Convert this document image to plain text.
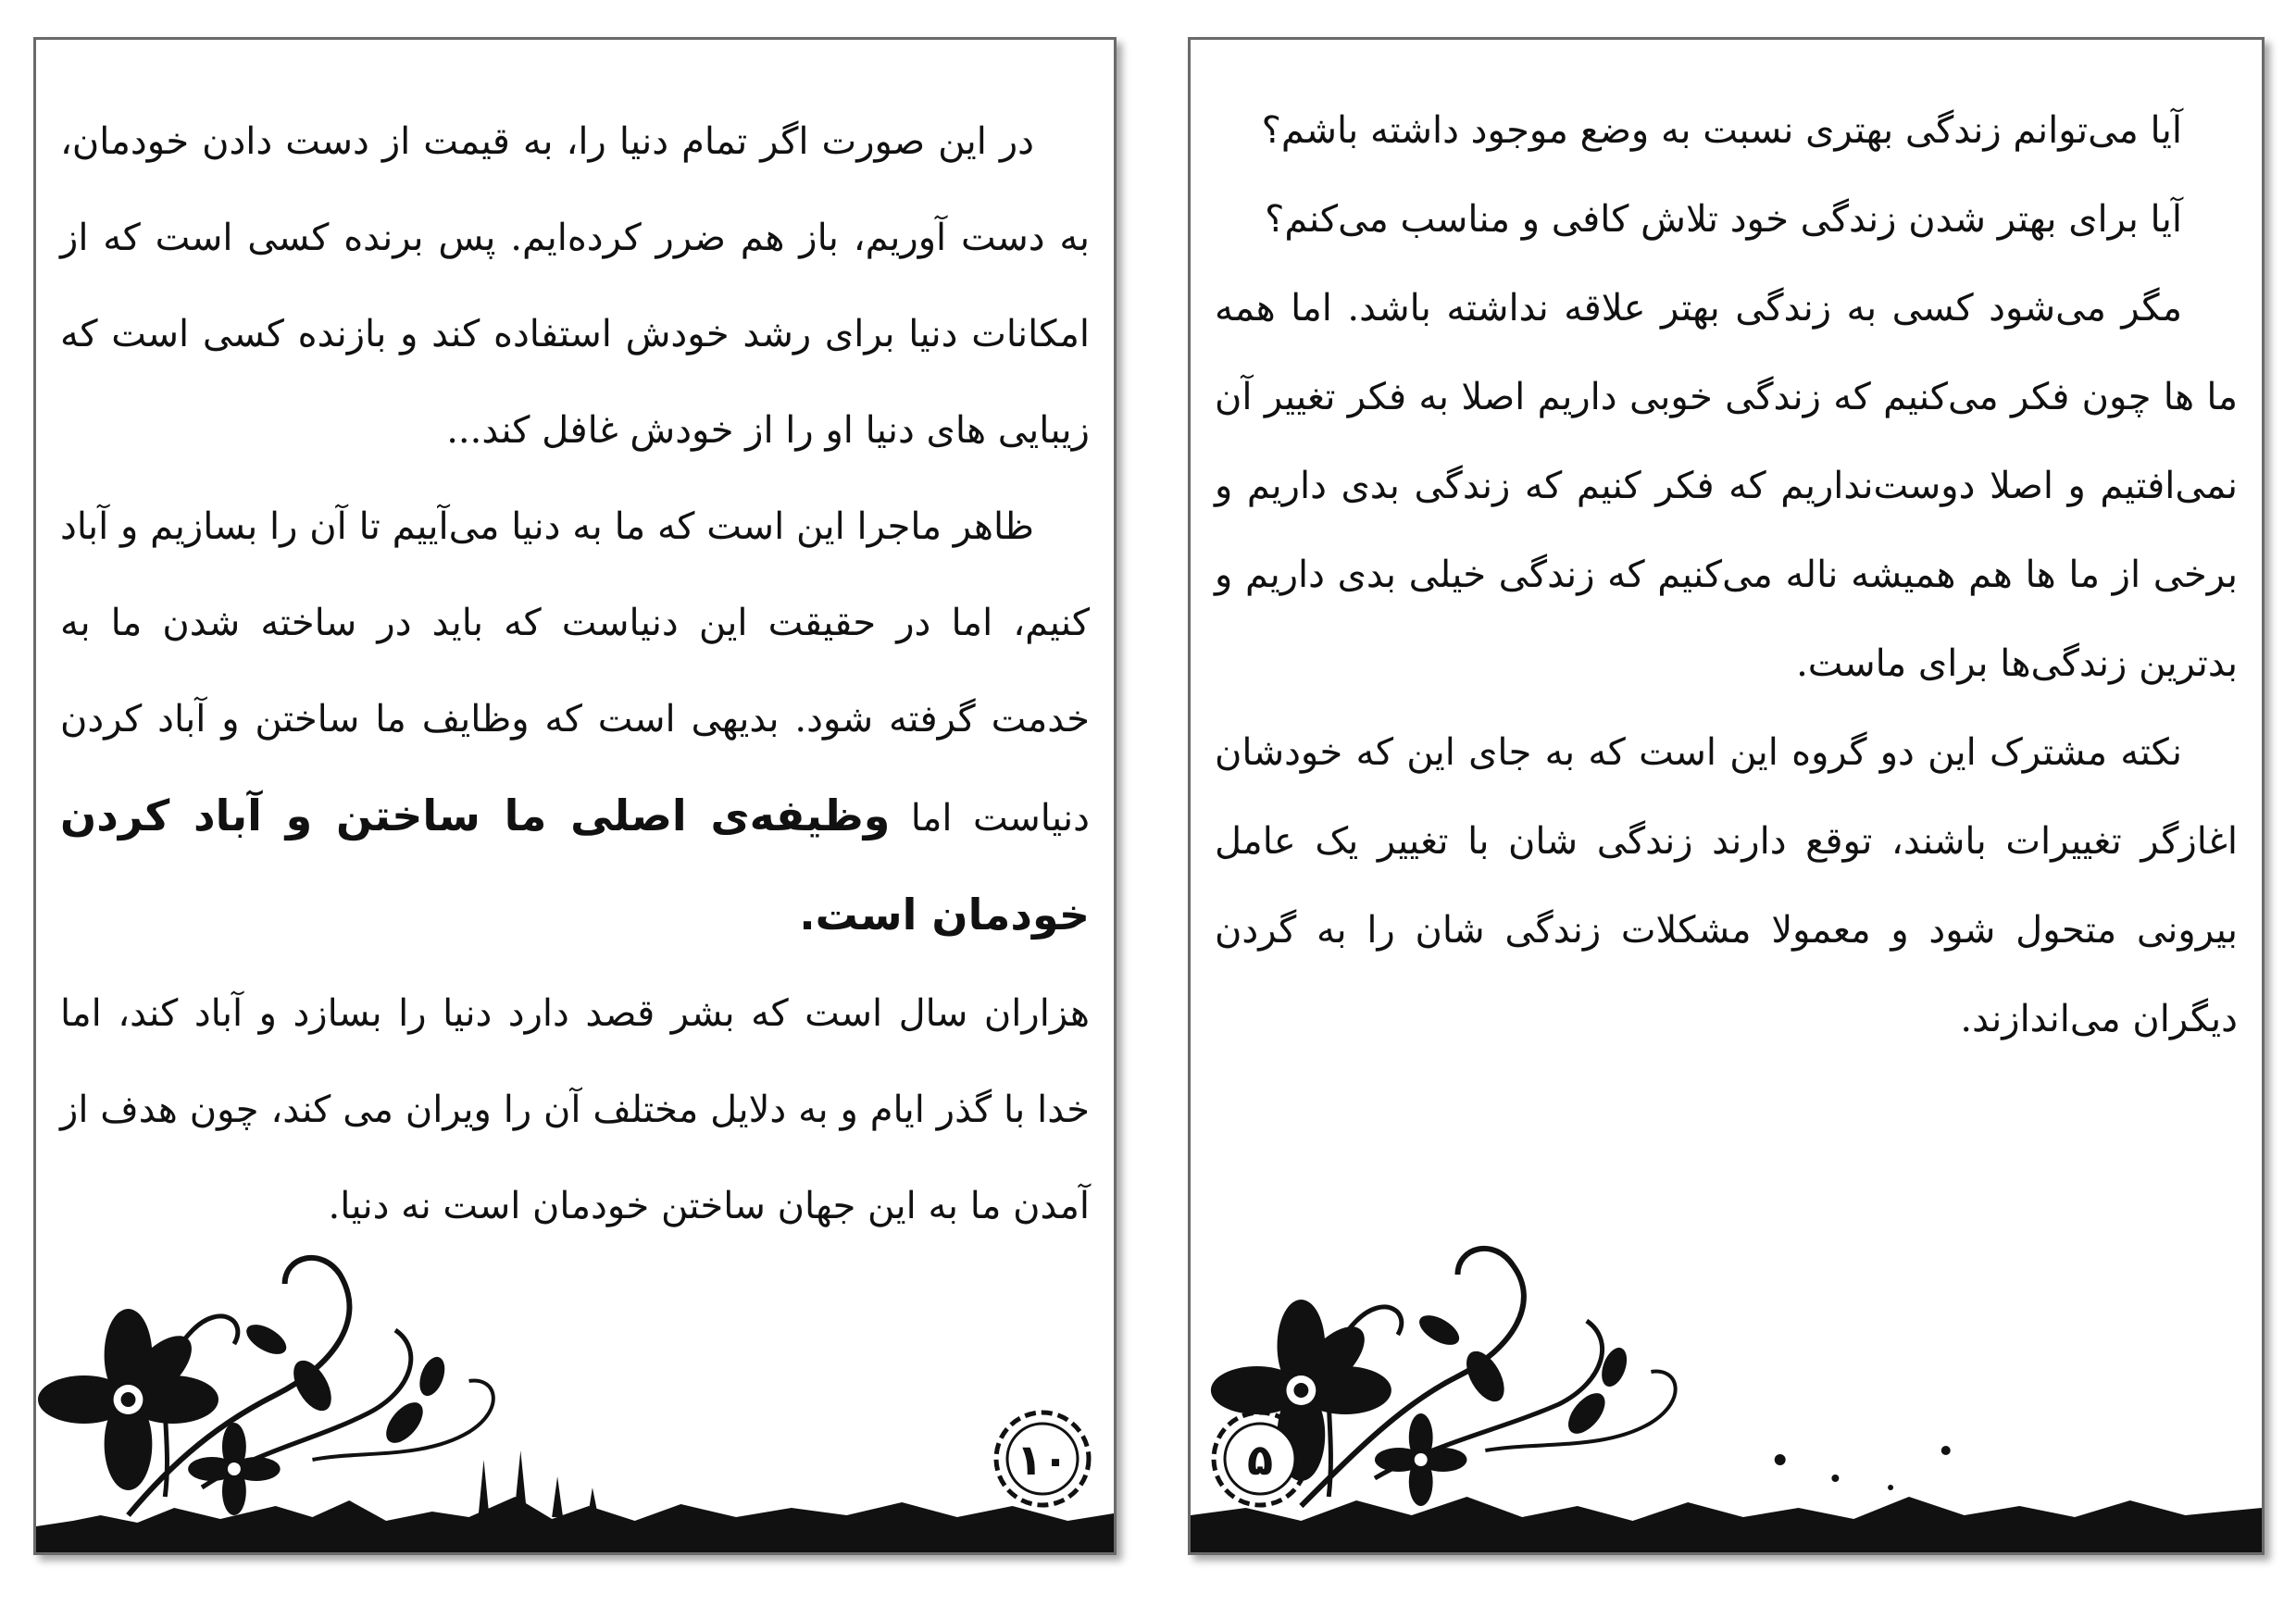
در این صورت اگر تمام دنیا را، به قیمت از دست دادن خودمان، به دست آوریم، باز هم ضرر کرده‌ایم. پس برنده کسی است که از امکانات دنیا برای رشد خودش استفاده کند و بازنده کسی است که زیبایی های دنیا او را از خودش غافل کند...

ظاهر ماجرا این است که ما به دنیا می‌آییم تا آن را بسازیم و آباد کنیم، اما در حقیقت این دنیاست که باید در ساخته شدن ما به خدمت گرفته شود. بدیهی است که وظایف ما ساختن و آباد کردن دنیاست اما وظیفه‌ی اصلی ما ساختن و آباد کردن خودمان است.

هزاران سال است که بشر قصد دارد دنیا را بسازد و آباد کند، اما خدا با گذر ایام و به دلایل مختلف آن را ویران می کند، چون هدف از آمدن ما به این جهان ساختن خودمان است نه دنیا.

۱۰

آیا می‌توانم زندگی بهتری نسبت به وضع موجود داشته باشم؟

آیا برای بهتر شدن زندگی خود تلاش کافی و مناسب می‌کنم؟

مگر می‌شود کسی به زندگی بهتر علاقه نداشته باشد. اما همه ما ها چون فکر می‌کنیم که زندگی خوبی داریم اصلا به فکر تغییر آن نمی‌افتیم و اصلا دوست‌نداریم که فکر کنیم که زندگی بدی داریم و برخی از ما ها هم همیشه ناله می‌کنیم که زندگی خیلی بدی داریم و بدترین زندگی‌ها برای ماست.

نکته مشترک این دو گروه این است که به جای این که خودشان اغازگر تغییرات باشند، توقع دارند زندگی شان با تغییر یک عامل بیرونی متحول شود و معمولا مشکلات زندگی شان را به گردن دیگران می‌اندازند.

۵
